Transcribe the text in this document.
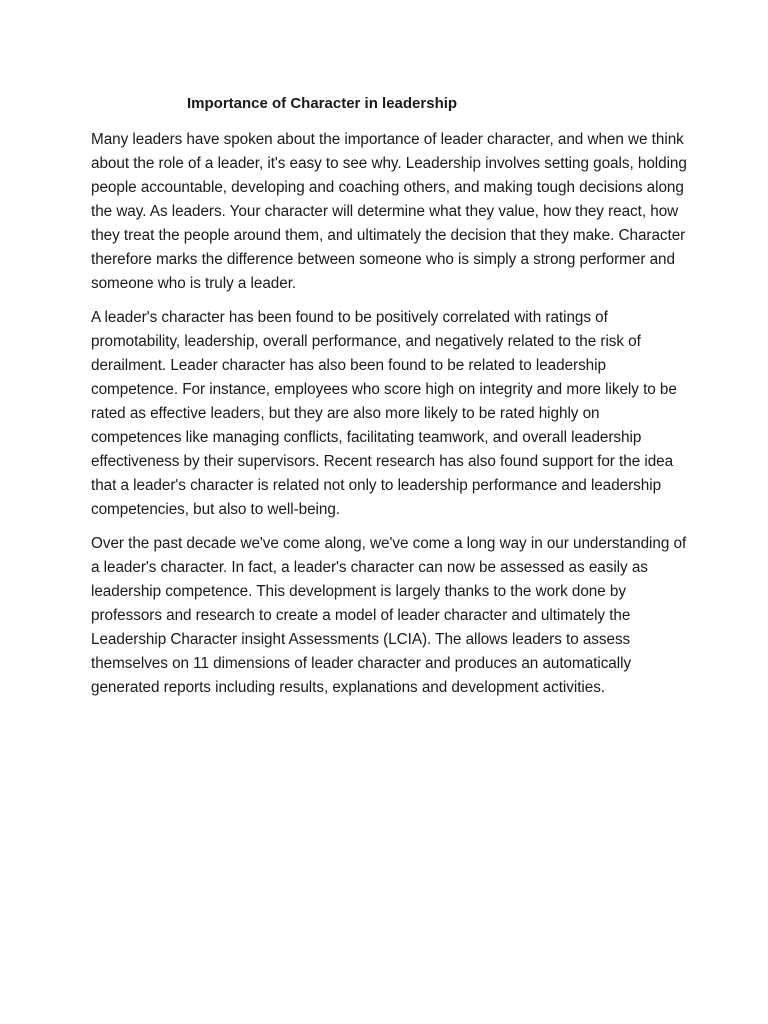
Importance of Character in leadership

Many leaders have spoken about the importance of leader character, and when we think about the role of a leader, it's easy to see why. Leadership involves setting goals, holding people accountable, developing and coaching others, and making tough decisions along the way. As leaders. Your character will determine what they value, how they react, how they treat the people around them, and ultimately the decision that they make. Character therefore marks the difference between someone who is simply a strong performer and someone who is truly a leader.

A leader's character has been found to be positively correlated with ratings of promotability, leadership, overall performance, and negatively related to the risk of derailment. Leader character has also been found to be related to leadership competence. For instance, employees who score high on integrity and more likely to be rated as effective leaders, but they are also more likely to be rated highly on competences like managing conflicts, facilitating teamwork, and overall leadership effectiveness by their supervisors. Recent research has also found support for the idea that a leader's character is related not only to leadership performance and leadership competencies, but also to well-being.

Over the past decade we've come along, we've come a long way in our understanding of a leader's character. In fact, a leader's character can now be assessed as easily as leadership competence. This development is largely thanks to the work done by professors and research to create a model of leader character and ultimately the Leadership Character insight Assessments (LCIA). The allows leaders to assess themselves on 11 dimensions of leader character and produces an automatically generated reports including results, explanations and development activities.
